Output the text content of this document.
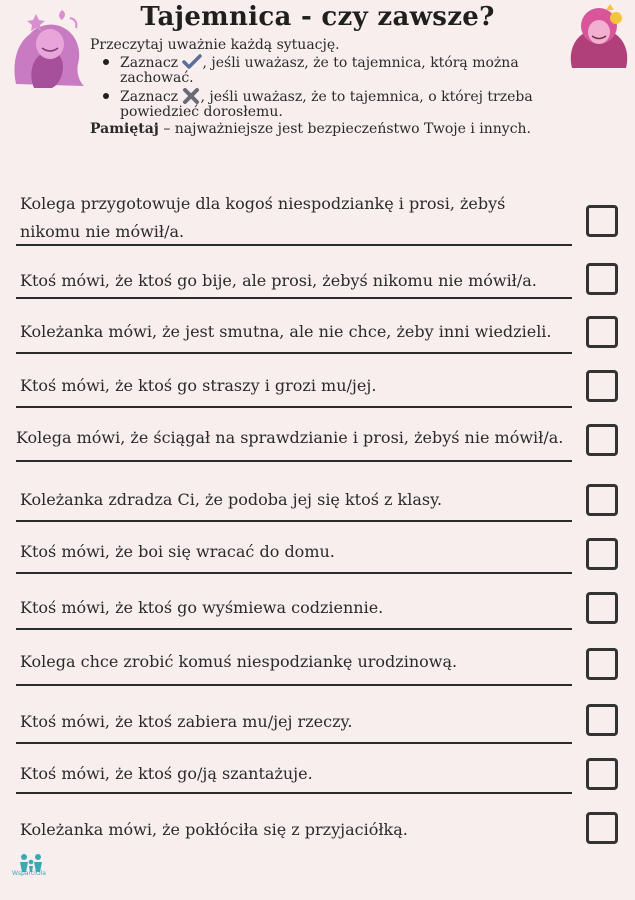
Tajemnica - czy zawsze?
Przeczytaj uważnie każdą sytuację.
Zaznacz , jeśli uważasz, że to tajemnica, którą można zachować.
Zaznacz , jeśli uważasz, że to tajemnica, o której trzeba powiedzieć dorosłemu.
Pamiętaj – najważniejsze jest bezpieczeństwo Twoje i innych.
Kolega przygotowuje dla kogoś niespodziankę i prosi, żebyś nikomu nie mówił/a.
Ktoś mówi, że ktoś go bije, ale prosi, żebyś nikomu nie mówił/a.
Koleżanka mówi, że jest smutna, ale nie chce, żeby inni wiedzieli.
Ktoś mówi, że ktoś go straszy i grozi mu/jej.
Kolega mówi, że ściągał na sprawdzianie i prosi, żebyś nie mówił/a.
Koleżanka zdradza Ci, że podoba jej się ktoś z klasy.
Ktoś mówi, że boi się wracać do domu.
Ktoś mówi, że ktoś go wyśmiewa codziennie.
Kolega chce zrobić komuś niespodziankę urodzinową.
Ktoś mówi, że ktoś zabiera mu/jej rzeczy.
Ktoś mówi, że ktoś go/ją szantażuje.
Koleżanka mówi, że pokłóciła się z przyjaciółką.
WsparciOla
